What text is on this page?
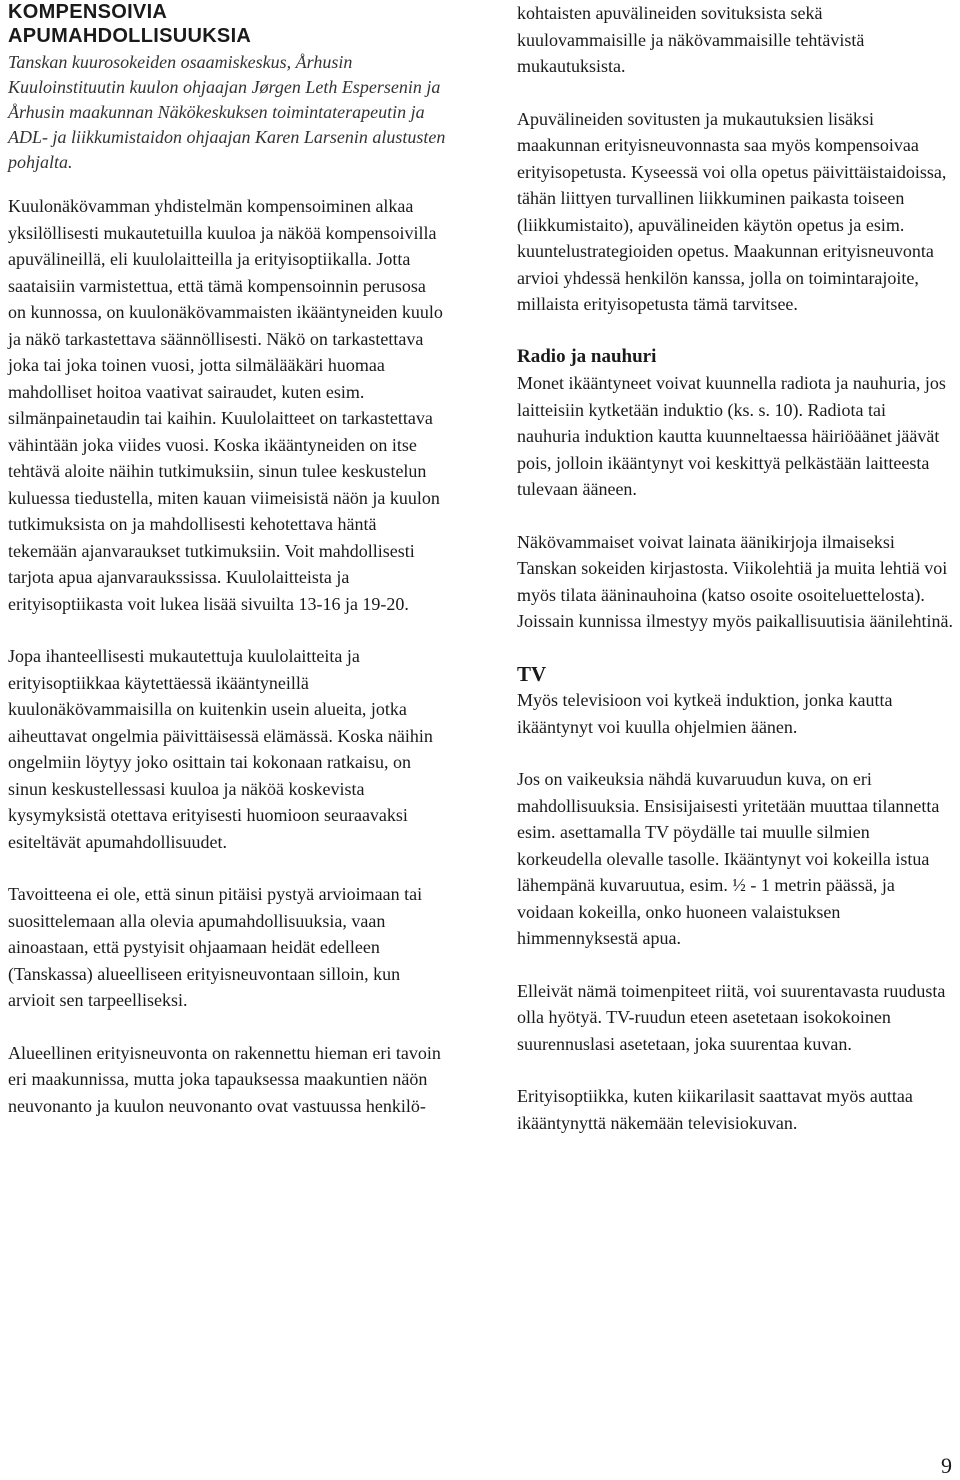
KOMPENSOIVIA
APUMAHDOLLISUUKSIA

Tanskan kuurosokeiden osaamiskeskus, Århusin Kuuloinstituutin kuulon ohjaajan Jørgen Leth Espersenin ja Århusin maakunnan Näkökeskuksen toimintaterapeutin ja ADL- ja liikkumistaidon ohjaajan Karen Larsenin alustusten pohjalta.

Kuulonäkövamman yhdistelmän kompensoiminen alkaa yksilöllisesti mukautetuilla kuuloa ja näköä kompensoivilla apuvälineillä, eli kuulolaitteilla ja erityisoptiikalla. Jotta saataisiin varmistettua, että tämä kompensoinnin perusosa on kunnossa, on kuulonäkövammaisten ikääntyneiden kuulo ja näkö tarkastettava säännöllisesti. Näkö on tarkastettava joka tai joka toinen vuosi, jotta silmälääkäri huomaa mahdolliset hoitoa vaativat sairaudet, kuten esim. silmänpainetaudin tai kaihin. Kuulolaitteet on tarkastettava vähintään joka viides vuosi. Koska ikääntyneiden on itse tehtävä aloite näihin tutkimuksiin, sinun tulee keskustelun kuluessa tiedustella, miten kauan viimeisistä näön ja kuulon tutkimuksista on ja mahdollisesti kehotettava häntä tekemään ajanvaraukset tutkimuksiin. Voit mahdollisesti tarjota apua ajanvaraukssissa. Kuulolaitteista ja erityisoptiikasta voit lukea lisää sivuilta 13-16 ja 19-20.

Jopa ihanteellisesti mukautettuja kuulolaitteita ja erityisoptiikkaa käytettäessä ikääntyneillä kuulonäkövammaisilla on kuitenkin usein alueita, jotka aiheuttavat ongelmia päivittäisessä elämässä. Koska näihin ongelmiin löytyy joko osittain tai kokonaan ratkaisu, on sinun keskustellessasi kuuloa ja näköä koskevista kysymyksistä otettava erityisesti huomioon seuraavaksi esiteltävät apumahdollisuudet.

Tavoitteena ei ole, että sinun pitäisi pystyä arvioimaan tai suosittelemaan alla olevia apumahdollisuuksia, vaan ainoastaan, että pystyisit ohjaamaan heidät edelleen (Tanskassa) alueelliseen erityisneuvontaan silloin, kun arvioit sen tarpeelliseksi.

Alueellinen erityisneuvonta on rakennettu hieman eri tavoin eri maakunnissa, mutta joka tapauksessa maakuntien näön neuvonanto ja kuulon neuvonanto ovat vastuussa henkilö-

kohtaisten apuvälineiden sovituksista sekä kuulovammaisille ja näkövammaisille tehtävistä mukautuksista.

Apuvälineiden sovitusten ja mukautuksien lisäksi maakunnan erityisneuvonnasta saa myös kompensoivaa erityisopetusta. Kyseessä voi olla opetus päivittäistaidoissa, tähän liittyen turvallinen liikkuminen paikasta toiseen (liikkumistaito), apuvälineiden käytön opetus ja esim. kuuntelustrategioiden opetus. Maakunnan erityisneuvonta arvioi yhdessä henkilön kanssa, jolla on toimintarajoite, millaista erityisopetusta tämä tarvitsee.

Radio ja nauhuri

Monet ikääntyneet voivat kuunnella radiota ja nauhuria, jos laitteisiin kytketään induktio (ks. s. 10). Radiota tai nauhuria induktion kautta kuunneltaessa häiriöäänet jäävät pois, jolloin ikääntynyt voi keskittyä pelkästään laitteesta tulevaan ääneen.

Näkövammaiset voivat lainata äänikirjoja ilmaiseksi Tanskan sokeiden kirjastosta. Viikolehtiä ja muita lehtiä voi myös tilata ääninauhoina (katso osoite osoiteluettelosta). Joissain kunnissa ilmestyy myös paikallisuutisia äänilehtinä.

TV

Myös televisioon voi kytkeä induktion, jonka kautta ikääntynyt voi kuulla ohjelmien äänen.

Jos on vaikeuksia nähdä kuvaruudun kuva, on eri mahdollisuuksia. Ensisijaisesti yritetään muuttaa tilannetta esim. asettamalla TV pöydälle tai muulle silmien korkeudella olevalle tasolle. Ikääntynyt voi kokeilla istua lähempänä kuvaruutua, esim. ½ - 1 metrin päässä, ja voidaan kokeilla, onko huoneen valaistuksen himmennyksestä apua.

Elleivät nämä toimenpiteet riitä, voi suurentavasta ruudusta olla hyötyä. TV-ruudun eteen asetetaan isokokoinen suurennuslasi asetetaan, joka suurentaa kuvan.

Erityisoptiikka, kuten kiikarilasit saattavat myös auttaa ikääntynyttä näkemään televisiokuvan.

9
